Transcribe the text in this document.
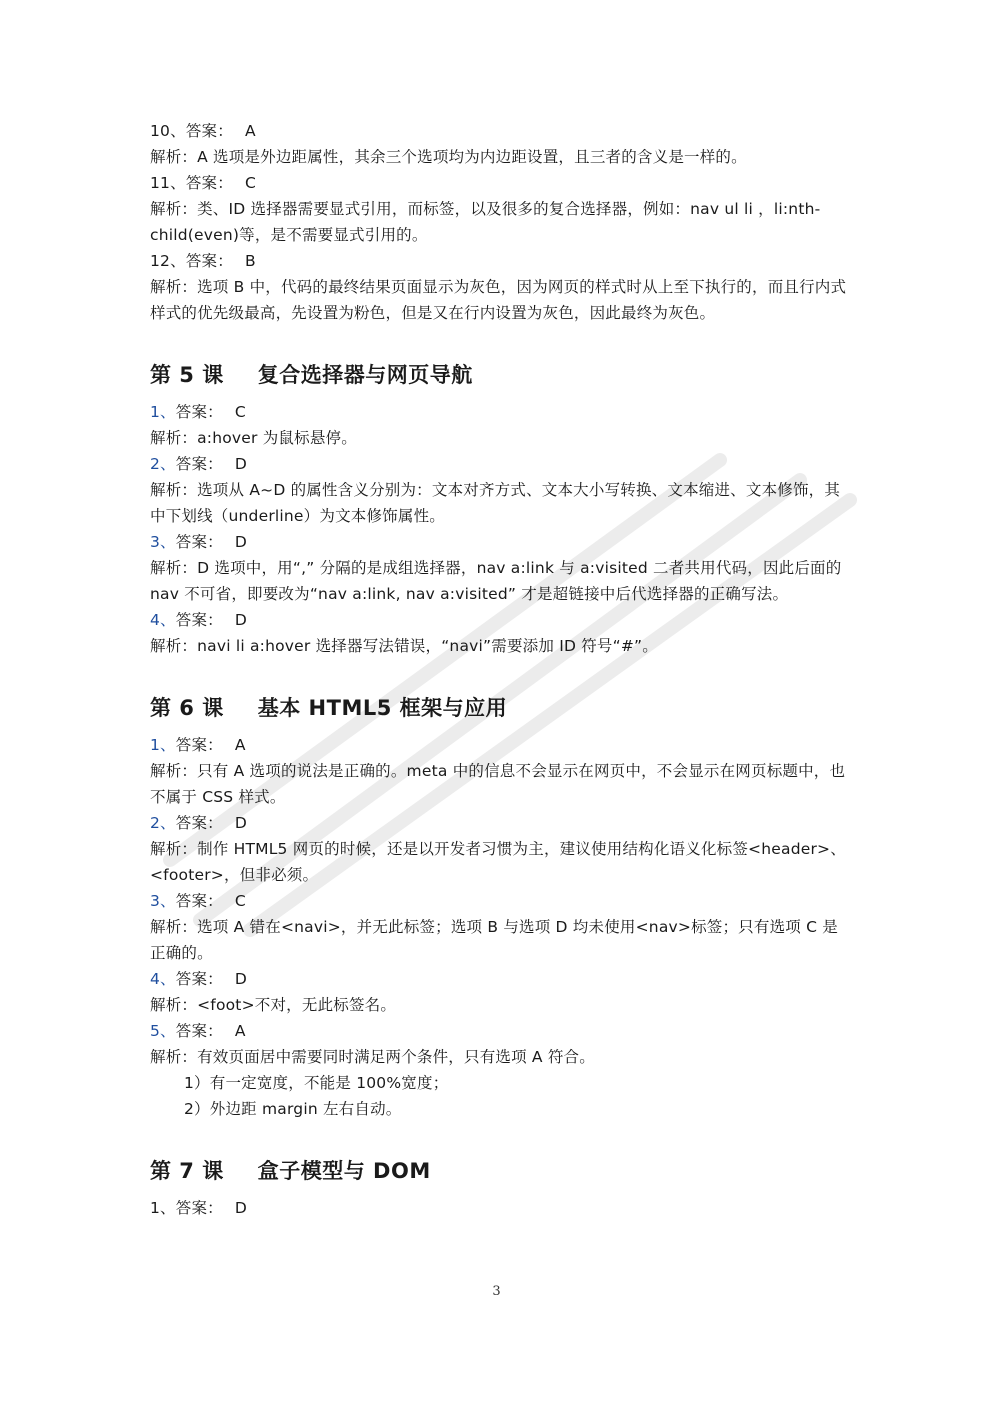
10、答案： A
解析：A 选项是外边距属性，其余三个选项均为内边距设置，且三者的含义是一样的。
11、答案： C
解析：类、ID 选择器需要显式引用，而标签，以及很多的复合选择器，例如：nav ul li ，li:nth-child(even)等，是不需要显式引用的。
12、答案： B
解析：选项 B 中，代码的最终结果页面显示为灰色，因为网页的样式时从上至下执行的，而且行内式样式的优先级最高，先设置为粉色，但是又在行内设置为灰色，因此最终为灰色。
第 5 课 复合选择器与网页导航
1、答案： C
解析：a:hover 为鼠标悬停。
2、答案： D
解析：选项从 A~D 的属性含义分别为：文本对齐方式、文本大小写转换、文本缩进、文本修饰，其中下划线（underline）为文本修饰属性。
3、答案： D
解析：D 选项中，用“,” 分隔的是成组选择器，nav a:link 与 a:visited 二者共用代码，因此后面的 nav 不可省，即要改为“nav a:link, nav a:visited” 才是超链接中后代选择器的正确写法。
4、答案： D
解析：navi li a:hover 选择器写法错误，“navi”需要添加 ID 符号“#”。
第 6 课 基本 HTML5 框架与应用
1、答案： A
解析：只有 A 选项的说法是正确的。meta 中的信息不会显示在网页中，不会显示在网页标题中，也不属于 CSS 样式。
2、答案： D
解析：制作 HTML5 网页的时候，还是以开发者习惯为主，建议使用结构化语义化标签<header>、<footer>，但非必须。
3、答案： C
解析：选项 A 错在<navi>，并无此标签；选项 B 与选项 D 均未使用<nav>标签；只有选项 C 是正确的。
4、答案： D
解析：<foot>不对，无此标签名。
5、答案： A
解析：有效页面居中需要同时满足两个条件，只有选项 A 符合。
1）有一定宽度，不能是 100%宽度；
2）外边距 margin 左右自动。
第 7 课 盒子模型与 DOM
1、答案： D
3
